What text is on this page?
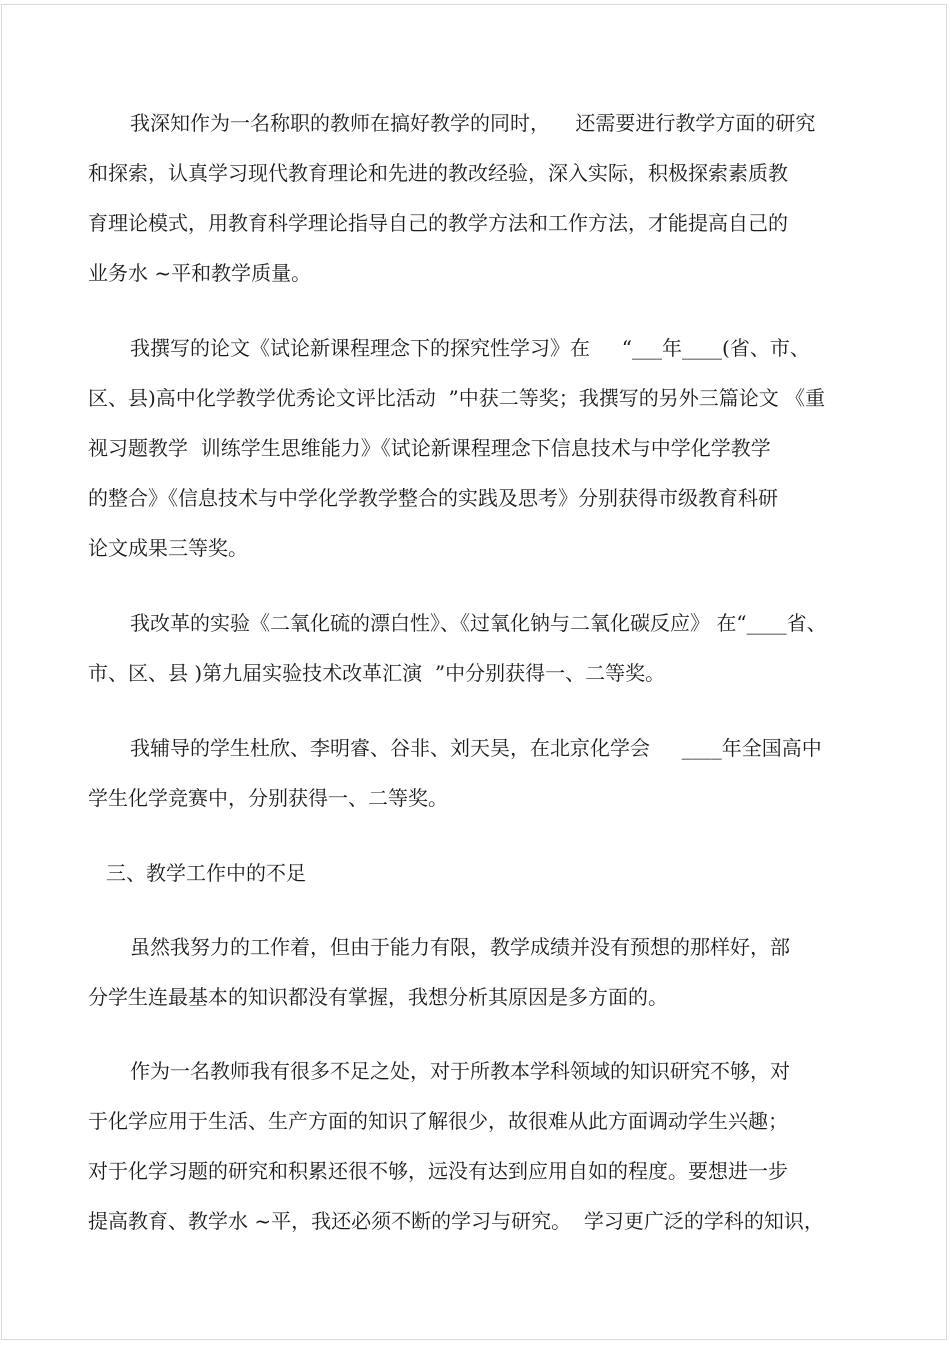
我深知作为一名称职的教师在搞好教学的同时，    还需要进行教学方面的研究

和探索，认真学习现代教育理论和先进的教改经验，深入实际，积极探索素质教

育理论模式，用教育科学理论指导自己的教学方法和工作方法，才能提高自己的

业务水 ~平和教学质量。

我撰写的论文《试论新课程理念下的探究性学习》在     “___年____(省、市、

区、县)高中化学教学优秀论文评比活动  ”中获二等奖；我撰写的另外三篇论文 《重

视习题教学  训练学生思维能力》《试论新课程理念下信息技术与中学化学教学

的整合》《信息技术与中学化学教学整合的实践及思考》分别获得市级教育科研

论文成果三等奖。

我改革的实验《二氧化硫的漂白性》、《过氧化钠与二氧化碳反应》 在“____省、

市、区、县 )第九届实验技术改革汇演  ”中分别获得一、二等奖。

我辅导的学生杜欣、李明睿、谷非、刘天昊，在北京化学会     ____年全国高中

学生化学竞赛中，分别获得一、二等奖。

三、教学工作中的不足

虽然我努力的工作着，但由于能力有限，教学成绩并没有预想的那样好，部

分学生连最基本的知识都没有掌握，我想分析其原因是多方面的。

作为一名教师我有很多不足之处，对于所教本学科领域的知识研究不够，对

于化学应用于生活、生产方面的知识了解很少，故很难从此方面调动学生兴趣；

对于化学习题的研究和积累还很不够，远没有达到应用自如的程度。要想进一步

提高教育、教学水 ~平，我还必须不断的学习与研究。  学习更广泛的学科的知识，
